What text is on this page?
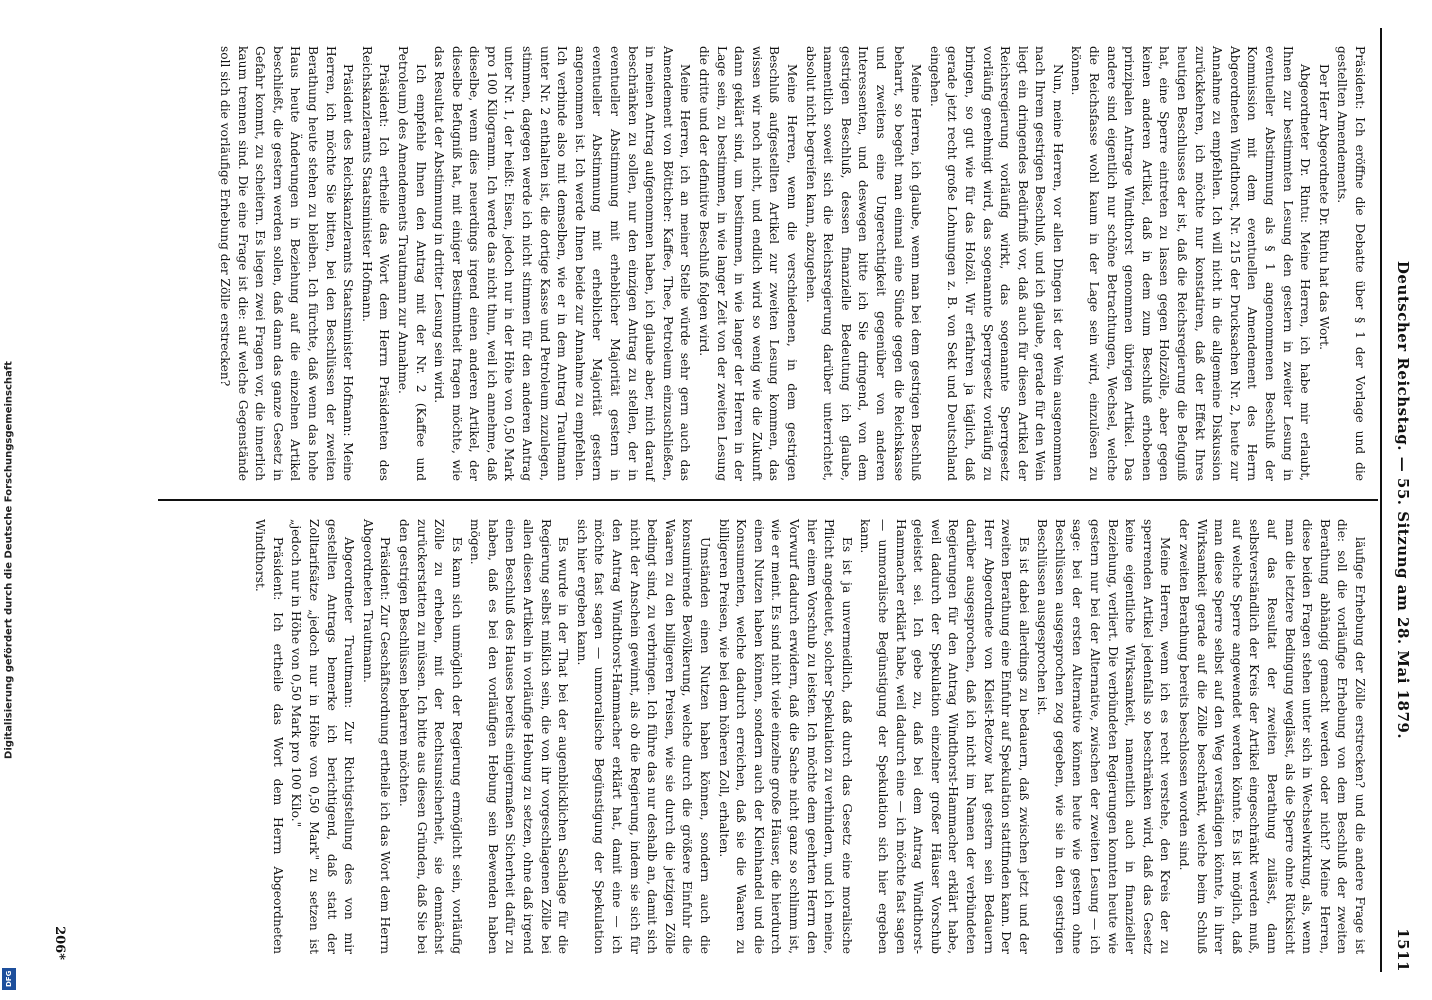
Digitalisierung gefördert durch die Deutsche Forschungsgemeinschaft
DFG
Deutscher Reichstag. — 55. Sitzung am 28. Mai 1879.
1511

Präsident: Ich eröffne die Debatte über § 1 der Vorlage und die gestellten Amendements.

Der Herr Abgeordnete Dr. Rintu hat das Wort.

Abgeordneter Dr. Rintu: Meine Herren, ich habe mir erlaubt, Ihnen zur bestimmten Lesung den gestern in zweiter Lesung in eventueller Abstimmung als § 1 angenommenen Beschluß der Kommission mit dem eventuellen Amendement des Herrn Abgeordneten Windthorst, Nr. 215 der Drucksachen Nr. 2, heute zur Annahme zu empfehlen. Ich will nicht in die allgemeine Diskussion zurückkehren, ich möchte nur konstatiren, daß der Effekt Ihres heutigen Beschlusses der ist, daß die Reichsregierung die Befugniß hat, eine Sperre eintreten zu lassen gegen Holzzölle, aber gegen keinen anderen Artikel, daß in dem zum Beschluß erhobenen prinzipalen Antrage Windthorst genommen übrigen Artikel. Das andere sind eigentlich nur schöne Betrachtungen, Wechsel, welche die Reichsfasse wohl kaum in der Lage sein wird, einzulösen zu können.

Nun, meine Herren, vor allen Dingen ist der Wein ausgenommen nach Ihrem gestrigen Beschluß, und ich glaube, gerade für den Wein liegt ein dringendes Bedürfniß vor, daß auch für diesen Artikel der Reichsregierung vorläufig wirkt, das sogenannte Sperrgesetz vorläufig genehmigt wird, das sogenannte Sperrgesetz vorläufig zu bringen, so gut wie für das Holzöl. Wir erfahren ja täglich, daß gerade jetzt recht große Lohnungen z. B. von Sekt und Deutschland eingehen.

Meine Herren, ich glaube, wenn man bei dem gestrigen Beschluß beharrt, so begeht man einmal eine Sünde gegen die Reichskasse und zweitens eine Ungerechtigkeit gegenüber von anderen Interessenten, und deswegen bitte ich Sie dringend, von dem gestrigen Beschluß, dessen finanzielle Bedeutung ich glaube, namentlich soweit sich die Reichsregierung darüber unterrichtet, absolut nicht begreifen kann, abzugehen.

Meine Herren, wenn die verschiedenen, in dem gestrigen Beschluß aufgestellten Artikel zur zweiten Lesung kommen, das wissen wir noch nicht, und endlich wird so wenig wie die Zukunft dann geklärt sind, um bestimmen, in wie langer der Herren in der Lage sein, zu bestimmen, in wie langer Zeit von der zweiten Lesung die dritte und der definitive Beschluß folgen wird.

Meine Herren, ich an meiner Stelle würde sehr gern auch das Amendement von Bötticher: Kaffee, Thee, Petroleum einzuschließen, in meinen Antrag aufgenommen haben, ich glaube aber, mich darauf beschränken zu sollen, nur den einzigen Antrag zu stellen, der in eventueller Abstimmung mit erheblicher Majorität gestern in eventueller Abstimmung mit erheblicher Majorität gestern angenommen ist. Ich werde Ihnen beide zur Annahme zu empfehlen. Ich verbinde also mit demselben, wie er in dem Antrag Trautmann unter Nr. 2 enthalten ist, die dortige Kasse und Petroleum zuzulegen, stimmen, dagegen werde ich nicht stimmen für den anderen Antrag unter Nr. 1, der heißt: Eisen, jedoch nur in der Höhe von 0,50 Mark pro 100 Kilogramm. Ich werde das nicht thun, weil ich annehme, daß dieselbe, wenn dies neuerdings irgend einen anderen Artikel, der dieselbe Befugniß hat, mit einiger Bestimmtheit fragen möchte, wie das Resultat der Abstimmung in dritter Lesung sein wird.

Ich empfehle Ihnen den Antrag mit der Nr. 2 (Kaffee und Petroleum) des Amendements Trautmann zur Annahme.

Präsident: Ich ertheile das Wort dem Herrn Präsidenten des Reichskanzleramts Staatsminister Hofmann.

Präsident des Reichskanzleramts Staatsminister Hofmann: Meine Herren, ich möchte Sie bitten, bei den Beschlüssen der zweiten Berathung heute stehen zu bleiben. Ich fürchte, daß wenn das hohe Haus heute Änderungen in Beziehung auf die einzelnen Artikel beschließt, die gestern werden sollen, daß dann das ganze Gesetz in Gefahr kommt, zu scheitern. Es liegen zwei Fragen vor, die innerlich kaum trennen sind. Die eine Frage ist die: auf welche Gegenstände soll sich die vorläufige Erhebung der Zölle erstrecken?

läufige Erhebung der Zölle erstrecken? und die andere Frage ist die: soll die vorläufige Erhebung von dem Beschluß der zweiten Berathung abhängig gemacht werden oder nicht? Meine Herren, diese beiden Fragen stehen unter sich in Wechselwirkung, als, wenn man die letztere Bedingung weglässt, als die Sperre ohne Rücksicht auf das Resultat der zweiten Berathung zulässt, dann selbstverständlich der Kreis der Artikel eingeschränkt werden muß, auf welche Sperre angewendet werden könnte. Es ist möglich, daß man diese Sperre selbst auf den Weg verständigen könnte, in ihrer Wirksamkeit gerade auf die Zölle beschränkt, welche beim Schluß der zweiten Berathung bereits beschlossen worden sind.

Meine Herren, wenn ich es recht verstehe, den Kreis der zu sperrenden Artikel jedenfalls so beschränken wird, daß das Gesetz keine eigentliche Wirksamkeit, namentlich auch in finanzieller Beziehung, verliert. Die verbündeten Regierungen konnten heute wie gestern nur bei der Alternative, zwischen der zweiten Lesung — ich sage: bei der ersten Alternative können heute wie gestern ohne Beschlüssen ausgesprochen zog gegeben, wie sie in den gestrigen Beschlüssen ausgesprochen ist.

Es ist dabei allerdings zu bedauern, daß zwischen jetzt und der zweiten Berathung eine Einfuhr auf Spekulation stattfinden kann. Der Herr Abgeordnete von Kleist-Retzow hat gestern sein Bedauern darüber ausgesprochen, daß ich nicht im Namen der verbündeten Regierungen für den Antrag Windthorst-Hammacher erklärt habe, weil dadurch der Spekulation einzelner großer Häuser Vorschub geleistet sei. Ich gebe zu, daß bei dem Antrag Windthorst-Hammacher erklärt habe, weil dadurch eine — ich möchte fast sagen — unmoralische Begünstigung der Spekulation sich hier ergeben kann.

Es ist ja unvermeidlich, daß durch das Gesetz eine moralische Pflicht angedeutet, solcher Spekulation zu verhindern, und ich meine, hier einem Vorschub zu leisten. Ich möchte dem geehrten Herrn den Vorwurf dadurch erwidern, daß die Sache nicht ganz so schlimm ist, wie er meint. Es sind nicht viele einzelne große Häuser, die hierdurch einen Nutzen haben können, sondern auch der Kleinhandel und die Konsumenten, welche dadurch erreichen, daß sie die Waaren zu billigeren Preisen, wie bei dem höheren Zoll, erhalten.

Umständen einen Nutzen haben können, sondern auch die konsumirende Bevölkerung, welche durch die größere Einfuhr die Waaren zu den billigeren Preisen, wie sie durch die jetzigen Zölle bedingt sind, zu verbringen. Ich führe das nur deshalb an, damit sich nicht der Anschein gewinnt, als ob die Regierung, indem sie sich für den Antrag Windthorst-Hammacher erklärt hat, damit eine — ich möchte fast sagen — unmoralische Begünstigung der Spekulation sich hier ergeben kann.

Es wurde in der That bei der augenblicklichen Sachlage für die Regierung selbst mißlich sein, die von ihr vorgeschlagenen Zölle bei allen diesen Artikeln in vorläufige Hebung zu setzen, ohne daß irgend einen Beschluß des Hauses bereits einigermaßen Sicherheit dafür zu haben, daß es bei den vorläufigen Hebung sein Bewenden haben mögen.

Es kann sich unmöglich der Regierung ermöglicht sein, vorläufig Zölle zu erheben, mit der Rechtsunsicherheit, sie demnächst zurückerstatten zu müssen. Ich bitte aus diesen Gründen, daß Sie bei den gestrigen Beschlüssen beharren möchten.

Präsident: Zur Geschäftsordnung ertheile ich das Wort dem Herrn Abgeordneten Trautmann.

Abgeordneter Trautmann: Zur Richtigstellung des von mir gestellten Antrags bemerke ich berichtigend, daß statt der Zolltarifsätze „jedoch nur in Höhe von 0,50 Mark" zu setzen ist „jedoch nur in Höhe von 0,50 Mark pro 100 Kilo."

Präsident: Ich ertheile das Wort dem Herrn Abgeordneten Windthorst.

206*
